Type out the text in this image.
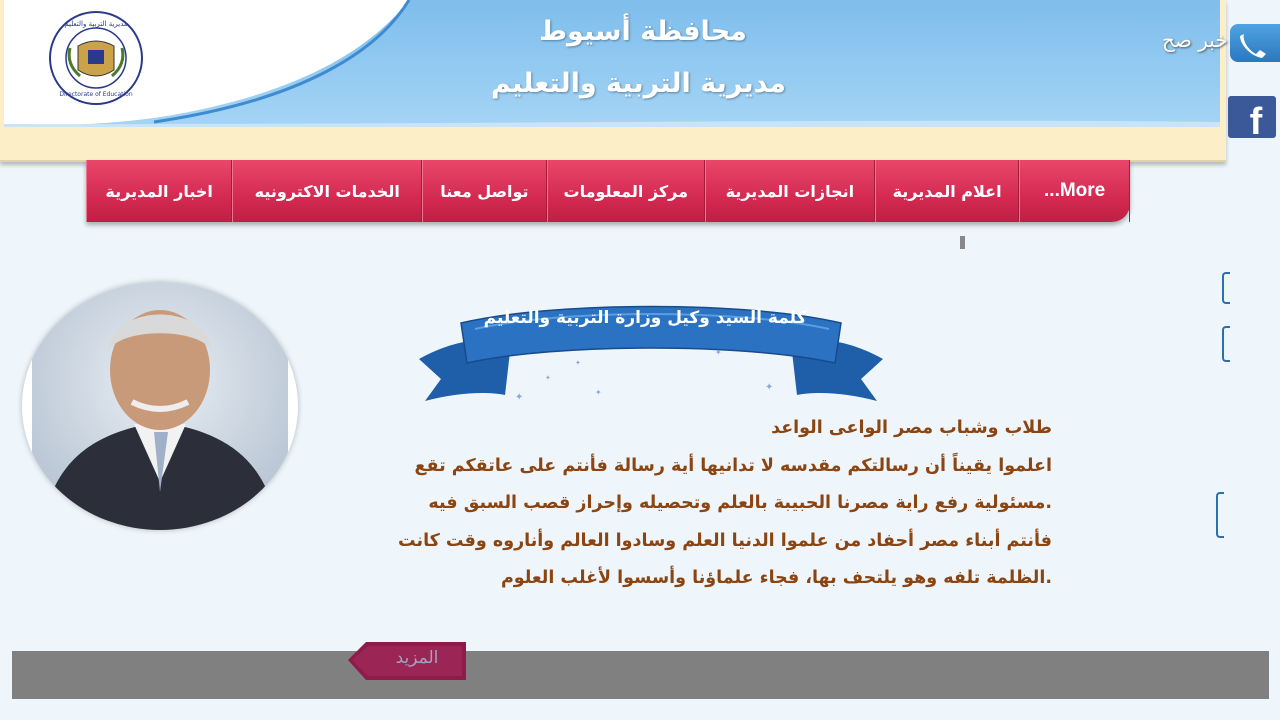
محافظة أسيوط
مديرية التربية والتعليم
مديرية التربية والتعليم
Directorate of Education
خبر صح
f
More...
اعلام المديرية
انجازات المديرية
مركز المعلومات
تواصل معنا
الخدمات الاكترونيه
اخبار المديرية
✦	✦
✦
✦
✦
✦
كلمة السيد وكيل وزارة التربية والتعليم
طلاب وشباب مصر الواعى الواعد
اعلموا يقيناً أن رسالتكم مقدسه لا تدانيها أية رسالة فأنتم على عاتقكم تقع
.مسئولية رفع راية مصرنا الحبيبة بالعلم وتحصيله وإحراز قصب السبق فيه
فأنتم أبناء مصر أحفاد من علموا الدنيا العلم وسادوا العالم وأناروه وقت كانت
.الظلمة تلفه وهو يلتحف بها، فجاء علماؤنا وأسسوا لأغلب العلوم
المزيد
